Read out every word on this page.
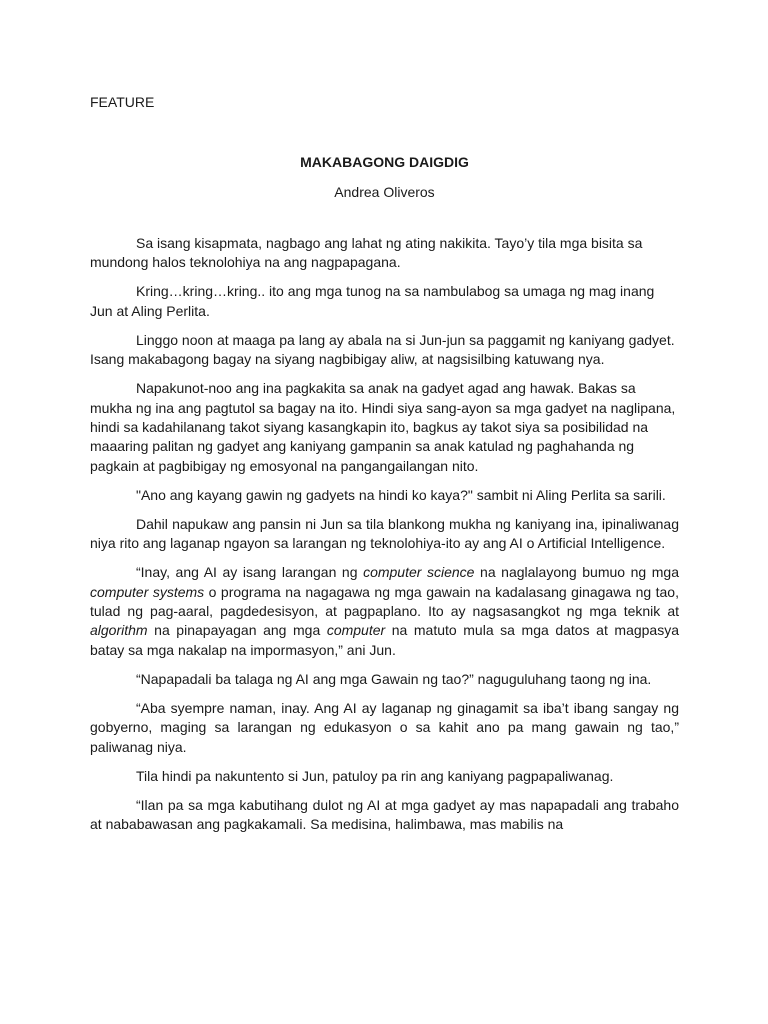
FEATURE
MAKABAGONG DAIGDIG
Andrea Oliveros

Sa isang kisapmata, nagbago ang lahat ng ating nakikita. Tayo’y tila mga bisita sa mundong halos teknolohiya na ang nagpapagana.

Kring…kring…kring.. ito ang mga tunog na sa nambulabog sa umaga ng mag inang Jun at Aling Perlita.

Linggo noon at maaga pa lang ay abala na si Jun-jun sa paggamit ng kaniyang gadyet. Isang makabagong bagay na siyang nagbibigay aliw, at nagsisilbing katuwang nya.

Napakunot-noo ang ina pagkakita sa anak na gadyet agad ang hawak. Bakas sa mukha ng ina ang pagtutol sa bagay na ito. Hindi siya sang-ayon sa mga gadyet na naglipana, hindi sa kadahilanang takot siyang kasangkapin ito, bagkus ay takot siya sa posibilidad na maaaring palitan ng gadyet ang kaniyang gampanin sa anak katulad ng paghahanda ng pagkain at pagbibigay ng emosyonal na pangangailangan nito.

"Ano ang kayang gawin ng gadyets na hindi ko kaya?" sambit ni Aling Perlita sa sarili.

Dahil napukaw ang pansin ni Jun sa tila blankong mukha ng kaniyang ina, ipinaliwanag niya rito ang laganap ngayon sa larangan ng teknolohiya-ito ay ang AI o Artificial Intelligence.

“Inay, ang AI ay isang larangan ng computer science na naglalayong bumuo ng mga computer systems o programa na nagagawa ng mga gawain na kadalasang ginagawa ng tao, tulad ng pag-aaral, pagdedesisyon, at pagpaplano. Ito ay nagsasangkot ng mga teknik at algorithm na pinapayagan ang mga computer na matuto mula sa mga datos at magpasya batay sa mga nakalap na impormasyon,” ani Jun.

“Napapadali ba talaga ng AI ang mga Gawain ng tao?” naguguluhang taong ng ina.

“Aba syempre naman, inay. Ang AI ay laganap ng ginagamit sa iba’t ibang sangay ng gobyerno, maging sa larangan ng edukasyon o sa kahit ano pa mang gawain ng tao,” paliwanag niya.

Tila hindi pa nakuntento si Jun, patuloy pa rin ang kaniyang pagpapaliwanag.

“Ilan pa sa mga kabutihang dulot ng AI at mga gadyet ay mas napapadali ang trabaho at nababawasan ang pagkakamali. Sa medisina, halimbawa, mas mabilis na
